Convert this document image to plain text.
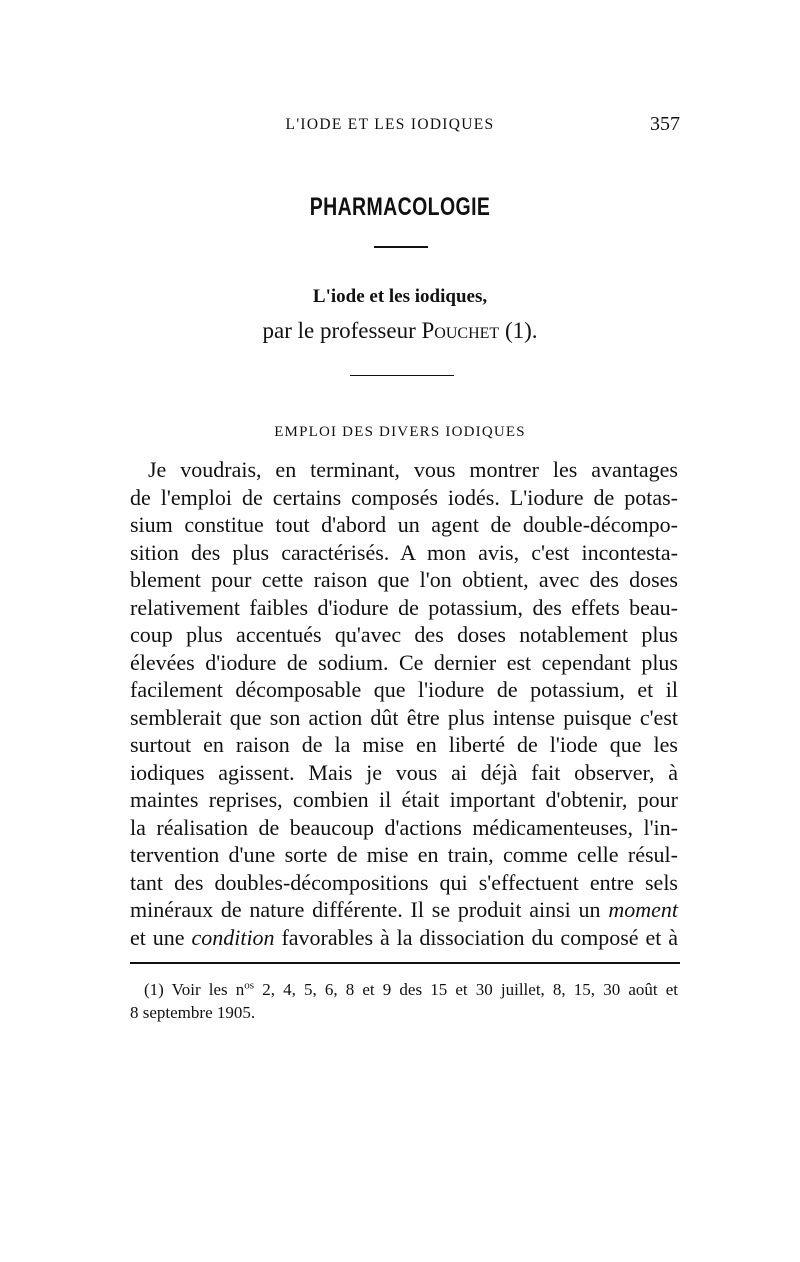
L'IODE ET LES IODIQUES	357
PHARMACOLOGIE
L'iode et les iodiques,
par le professeur Pouchet (1).
EMPLOI DES DIVERS IODIQUES
Je voudrais, en terminant, vous montrer les avantages
de l'emploi de certains composés iodés. L'iodure de potas-
sium constitue tout d'abord un agent de double-décompo-
sition des plus caractérisés. A mon avis, c'est incontesta-
blement pour cette raison que l'on obtient, avec des doses
relativement faibles d'iodure de potassium, des effets beau-
coup plus accentués qu'avec des doses notablement plus
élevées d'iodure de sodium. Ce dernier est cependant plus
facilement décomposable que l'iodure de potassium, et il
semblerait que son action dût être plus intense puisque c'est
surtout en raison de la mise en liberté de l'iode que les
iodiques agissent. Mais je vous ai déjà fait observer, à
maintes reprises, combien il était important d'obtenir, pour
la réalisation de beaucoup d'actions médicamenteuses, l'in-
tervention d'une sorte de mise en train, comme celle résul-
tant des doubles-décompositions qui s'effectuent entre sels
minéraux de nature différente. Il se produit ainsi un moment
et une condition favorables à la dissociation du composé et à
(1) Voir les $n^{os}$ 2, 4, 5, 6, 8 et 9 des 15 et 30 juillet, 8, 15, 30 août et
8 septembre 1905.
